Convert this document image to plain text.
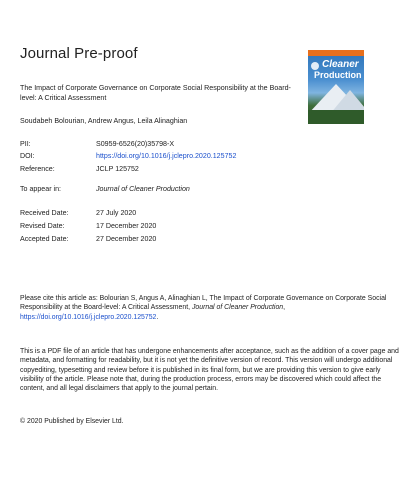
Journal Pre-proof
Cleaner
Production
The Impact of Corporate Governance on Corporate Social Responsibility at the Board-level: A Critical Assessment
Soudabeh Bolourian, Andrew Angus, Leila Alinaghian
PII:	S0959-6526(20)35798-X
DOI:	https://doi.org/10.1016/j.jclepro.2020.125752
Reference:	JCLP 125752
To appear in:	Journal of Cleaner Production
Received Date:	27 July 2020
Revised Date:	17 December 2020
Accepted Date:	27 December 2020
Please cite this article as: Bolourian S, Angus A, Alinaghian L, The Impact of Corporate Governance on Corporate Social Responsibility at the Board-level: A Critical Assessment, Journal of Cleaner Production, https://doi.org/10.1016/j.jclepro.2020.125752.
This is a PDF file of an article that has undergone enhancements after acceptance, such as the addition of a cover page and metadata, and formatting for readability, but it is not yet the definitive version of record. This version will undergo additional copyediting, typesetting and review before it is published in its final form, but we are providing this version to give early visibility of the article. Please note that, during the production process, errors may be discovered which could affect the content, and all legal disclaimers that apply to the journal pertain.
© 2020 Published by Elsevier Ltd.
